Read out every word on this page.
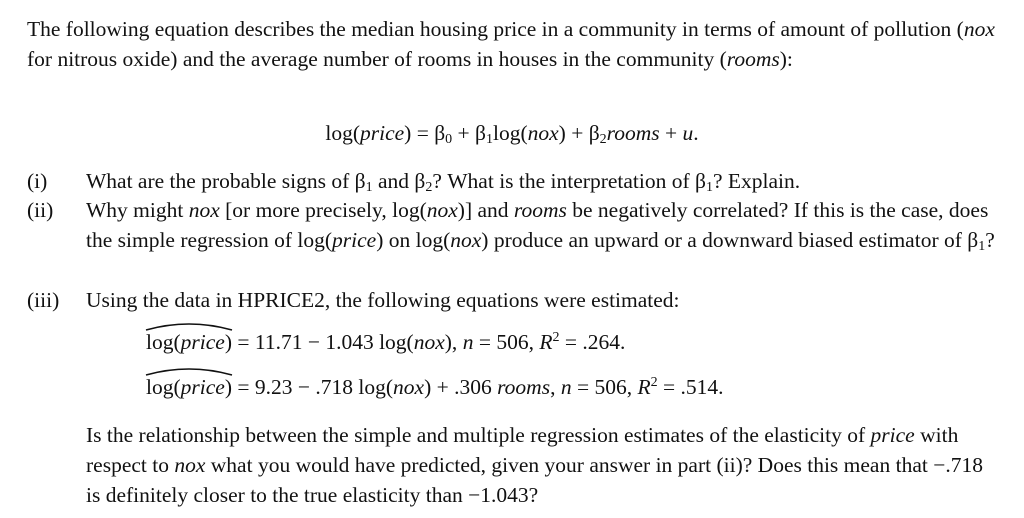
The following equation describes the median housing price in a community in terms of amount of pollution (nox for nitrous oxide) and the average number of rooms in houses in the community (rooms):

log(price) = $\beta_0 + \beta_1\log(nox)$ + $\beta_2rooms + u$.
(i) What are the probable signs of $\beta_1$ and $\beta_2$? What is the interpretation of $\beta_1$? Explain.
(ii) Why might nox [or more precisely, log(nox)] and rooms be negatively correlated? If this is the case, does the simple regression of log(price) on log(nox) produce an upward or a downward biased estimator of $\beta_1$?
(iii) Using the data in HPRICE2, the following equations were estimated:
log(price) = 11.71 − 1.043 log(nox), n = 506, $R^2 = .264$.
log(price) = 9.23 − .718 log(nox) + .306 rooms, n = 506, $R^2 = .514$.

Is the relationship between the simple and multiple regression estimates of the elasticity of price with respect to nox what you would have predicted, given your answer in part (ii)? Does this mean that −.718 is definitely closer to the true elasticity than −1.043?
